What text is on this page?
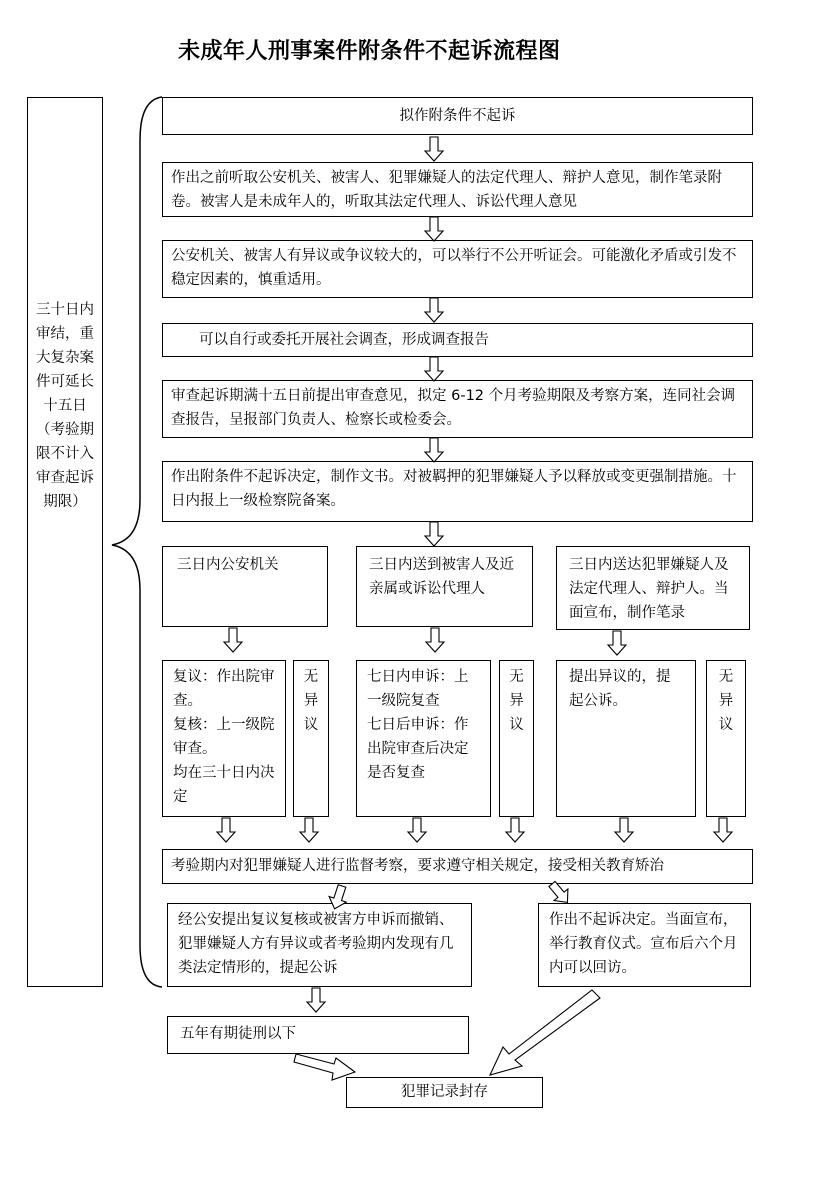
未成年人刑事案件附条件不起诉流程图
三十日内审结，重大复杂案件可延长十五日（考验期限不计入审查起诉期限）
拟作附条件不起诉
作出之前听取公安机关、被害人、犯罪嫌疑人的法定代理人、辩护人意见，制作笔录附卷。被害人是未成年人的，听取其法定代理人、诉讼代理人意见
公安机关、被害人有异议或争议较大的，可以举行不公开听证会。可能激化矛盾或引发不稳定因素的，慎重适用。
可以自行或委托开展社会调查，形成调查报告
审查起诉期满十五日前提出审查意见，拟定 6-12 个月考验期限及考察方案，连同社会调查报告，呈报部门负责人、检察长或检委会。
作出附条件不起诉决定，制作文书。对被羁押的犯罪嫌疑人予以释放或变更强制措施。十日内报上一级检察院备案。
三日内公安机关	三日内送到被害人及近亲属或诉讼代理人
三日内送达犯罪嫌疑人及法定代理人、辩护人。当面宣布，制作笔录
复议：作出院审查。
复核：上一级院审查。
均在三十日内决定
无异议
七日内申诉：上一级院复查
七日后申诉：作出院审查后决定是否复查
无异议
提出异议的，提起公诉。
无异议
考验期内对犯罪嫌疑人进行监督考察，要求遵守相关规定，接受相关教育矫治
经公安提出复议复核或被害方申诉而撤销、犯罪嫌疑人方有异议或者考验期内发现有几类法定情形的，提起公诉
作出不起诉决定。当面宣布，举行教育仪式。宣布后六个月内可以回访。
五年有期徒刑以下
犯罪记录封存
